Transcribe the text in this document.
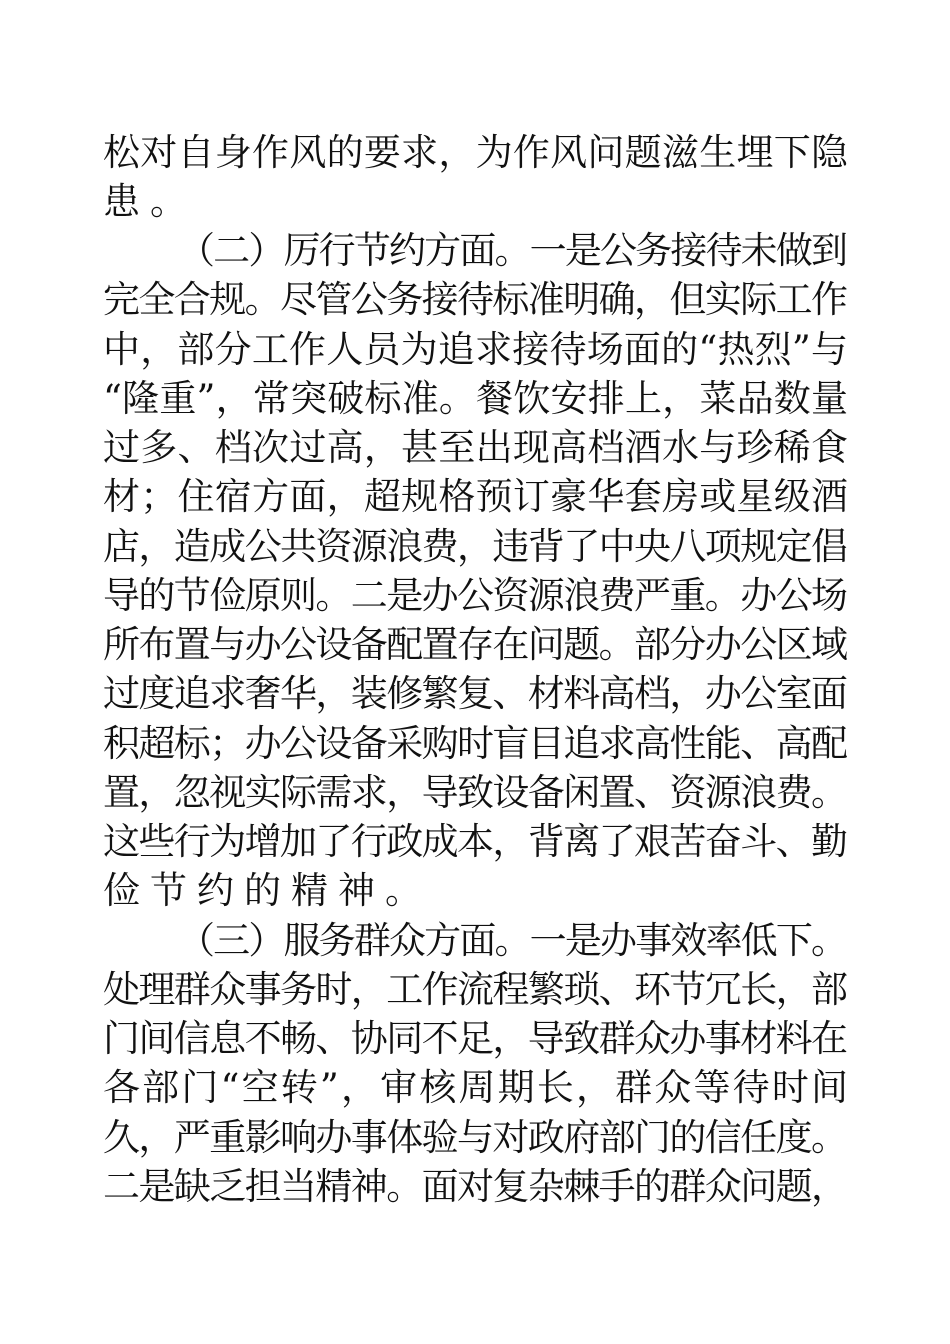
松对自身作风的要求，为作风问题滋生埋下隐
患。
（二）厉行节约方面。一是公务接待未做到
完全合规。尽管公务接待标准明确，但实际工作
中，部分工作人员为追求接待场面的“热烈”与
“隆重”，常突破标准。餐饮安排上，菜品数量
过多、档次过高，甚至出现高档酒水与珍稀食
材；住宿方面，超规格预订豪华套房或星级酒
店，造成公共资源浪费，违背了中央八项规定倡
导的节俭原则。二是办公资源浪费严重。办公场
所布置与办公设备配置存在问题。部分办公区域
过度追求奢华，装修繁复、材料高档，办公室面
积超标；办公设备采购时盲目追求高性能、高配
置，忽视实际需求，导致设备闲置、资源浪费。
这些行为增加了行政成本，背离了艰苦奋斗、勤
俭节约的精神。
（三）服务群众方面。一是办事效率低下。
处理群众事务时，工作流程繁琐、环节冗长，部
门间信息不畅、协同不足，导致群众办事材料在
各部门“空转”，审核周期长，群众等待时间
久，严重影响办事体验与对政府部门的信任度。
二是缺乏担当精神。面对复杂棘手的群众问题，
